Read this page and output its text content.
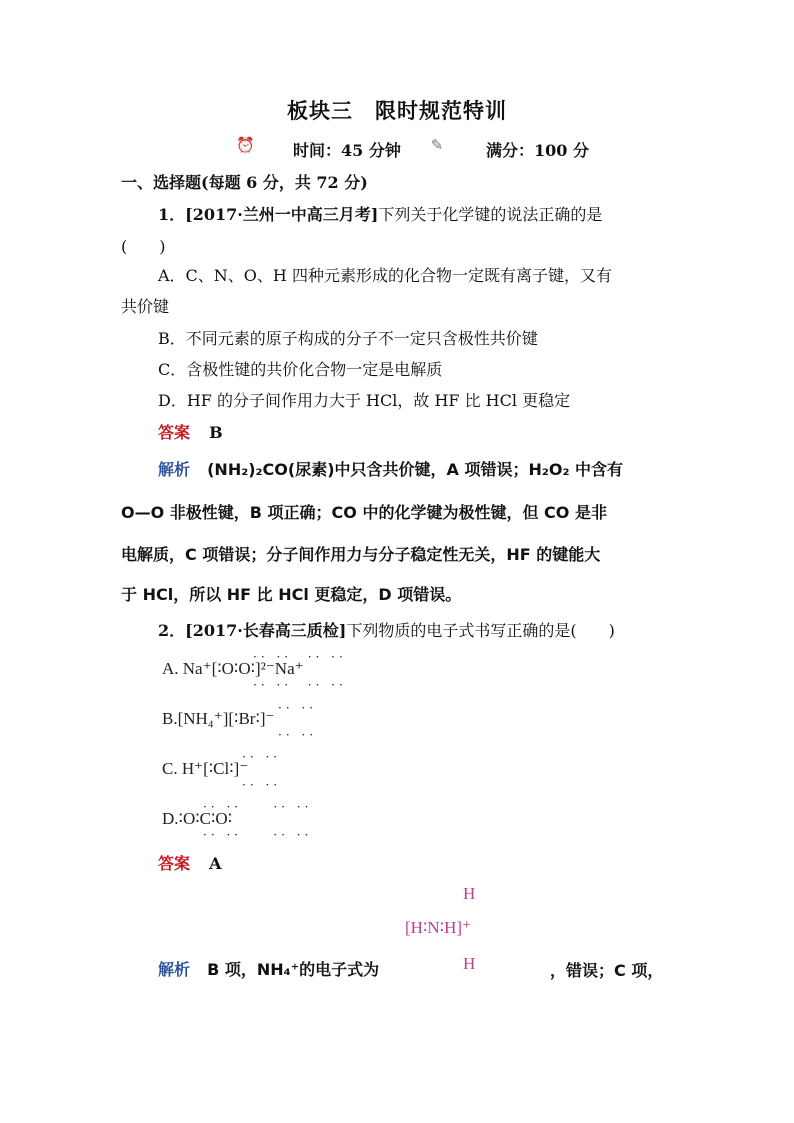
板块三　限时规范特训
⏰ 时间：45 分钟 ✎	满分：100 分
一、选择题(每题 6 分，共 72 分)
1．[2017·兰州一中高三月考]下列关于化学键的说法正确的是
(　　)
A．C、N、O、H 四种元素形成的化合物一定既有离子键，又有
共价键
B．不同元素的原子构成的分子不一定只含极性共价键
C．含极性键的共价化合物一定是电解质
D．HF 的分子间作用力大于 HCl，故 HF 比 HCl 更稳定
答案 B
解析 (NH₂)₂CO(尿素)中只含共价键，A 项错误；H₂O₂ 中含有
O—O 非极性键，B 项正确；CO 中的化学键为极性键，但 CO 是非
电解质，C 项错误；分子间作用力与分子稳定性无关，HF 的键能大
于 HCl，所以 HF 比 HCl 更稳定，D 项错误。
2．[2017·长春高三质检]下列物质的电子式书写正确的是(　　)
·· ··  ·· ··
A. Na⁺[∶O∶O∶]²⁻Na⁺
·· ··  ·· ··
·· ··
B.[NH₄⁺][∶Br∶]⁻
·· ··
·· ··
C. H⁺[∶Cl∶]⁻
·· ··
·· ··    ·· ··
D.∶O∶C∶O∶
·· ··    ·· ··
答案 A
H
[H∶N∶H]⁺
H
解析 B 项，NH₄⁺的电子式为	，错误；C 项，
